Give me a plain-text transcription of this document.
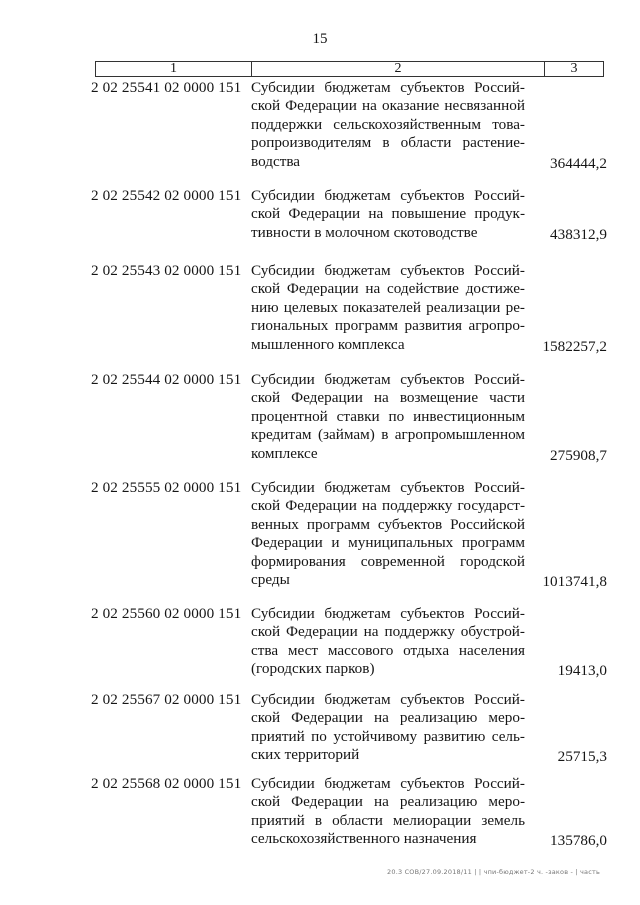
15
1	2	3
2 02 25541 02 0000 151 Субсидии бюджетам субъектов Россий-
ской Федерации на оказание несвязанной
поддержки сельскохозяйственным това-
ропроизводителям в области растение-
водства	364444,2
2 02 25542 02 0000 151 Субсидии бюджетам субъектов Россий-
ской Федерации на повышение продук-
тивности в молочном скотоводстве	438312,9
2 02 25543 02 0000 151 Субсидии бюджетам субъектов Россий-
ской Федерации на содействие достиже-
нию целевых показателей реализации ре-
гиональных программ развития агропро-
мышленного комплекса	1582257,2
2 02 25544 02 0000 151 Субсидии бюджетам субъектов Россий-
ской Федерации на возмещение части
процентной ставки по инвестиционным
кредитам (займам) в агропромышленном
комплексе	275908,7
2 02 25555 02 0000 151 Субсидии бюджетам субъектов Россий-
ской Федерации на поддержку государст-
венных программ субъектов Российской
Федерации и муниципальных программ
формирования современной городской
среды	1013741,8
2 02 25560 02 0000 151 Субсидии бюджетам субъектов Россий-
ской Федерации на поддержку обустрой-
ства мест массового отдыха населения
(городских парков)	19413,0
2 02 25567 02 0000 151 Субсидии бюджетам субъектов Россий-
ской Федерации на реализацию меро-
приятий по устойчивому развитию сель-
ских территорий	25715,3
2 02 25568 02 0000 151 Субсидии бюджетам субъектов Россий-
ской Федерации на реализацию меро-
приятий в области мелиорации земель
сельскохозяйственного назначения	135786,0
20.3 СОВ/27.09.2018/11 | | чпи-бюджет-2 ч. -заков - | часть
